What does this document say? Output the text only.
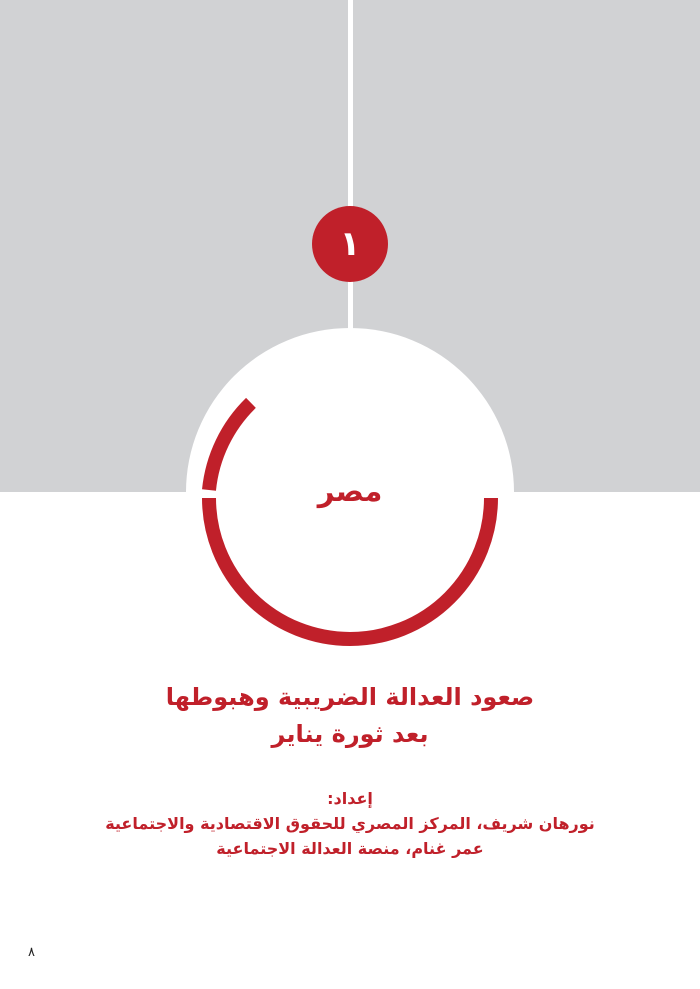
١
مصر
صعود العدالة الضريبية وهبوطها
بعد ثورة يناير
إعداد:
نورهان شريف، المركز المصري للحقوق الاقتصادية والاجتماعية
عمر غنام، منصة العدالة الاجتماعية
٨
